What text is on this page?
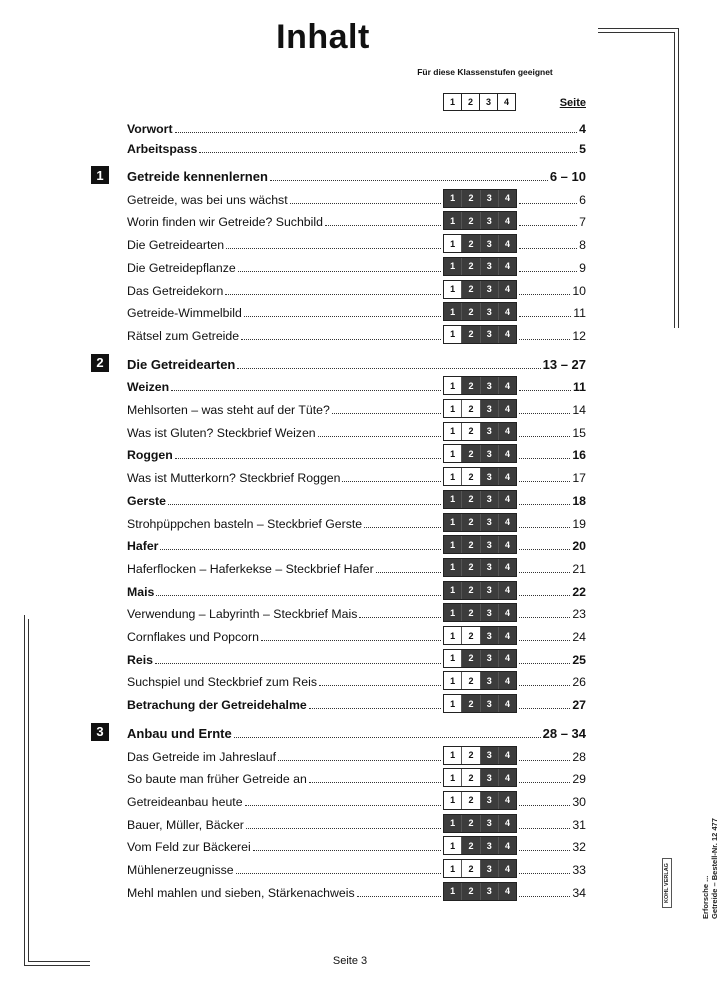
Inhalt
Für diese Klassenstufen geeignet
1	2	3	4	Seite
Vorwort	4
Arbeitspass	5
1	Getreide kennenlernen	6 – 10
Getreide, was bei uns wächst	1	2	3	4	6
Worin finden wir Getreide? Suchbild	1	2	3	4	7
Die Getreidearten	1	2	3	4	8
Die Getreidepflanze	1	2	3	4	9
Das Getreidekorn	1	2	3	4	10
Getreide-Wimmelbild	1	2	3	4	11
Rätsel zum Getreide	1	2	3	4	12
2	Die Getreidearten	13 – 27
Weizen	1	2	3	4	11
Mehlsorten – was steht auf der Tüte?	1	2	3	4	14
Was ist Gluten? Steckbrief Weizen	1	2	3	4	15
Roggen	1	2	3	4	16
Was ist Mutterkorn? Steckbrief Roggen	1	2	3	4	17
Gerste	1	2	3	4	18
Strohpüppchen basteln – Steckbrief Gerste	1	2	3	4	19
Hafer	1	2	3	4	20
Haferflocken – Haferkekse – Steckbrief Hafer	1	2	3	4	21
Mais	1	2	3	4	22
Verwendung – Labyrinth – Steckbrief Mais	1	2	3	4	23
Cornflakes und Popcorn	1	2	3	4	24
Reis	1	2	3	4	25
Suchspiel und Steckbrief zum Reis	1	2	3	4	26
Betrachung der Getreidehalme	1	2	3	4	27
3	Anbau und Ernte	28 – 34
Das Getreide im Jahreslauf	1	2	3	4	28
So baute man früher Getreide an	1	2	3	4	29
Getreideanbau heute	1	2	3	4	30
Bauer, Müller, Bäcker	1	2	3	4	31
Vom Feld zur Bäckerei	1	2	3	4	32
Mühlenerzeugnisse	1	2	3	4	33
Mehl mahlen und sieben, Stärkenachweis	1	2	3	4	34
Seite 3
Erforsche ... Getreide – Bestell-Nr. 12 477
KOHL VERLAG
